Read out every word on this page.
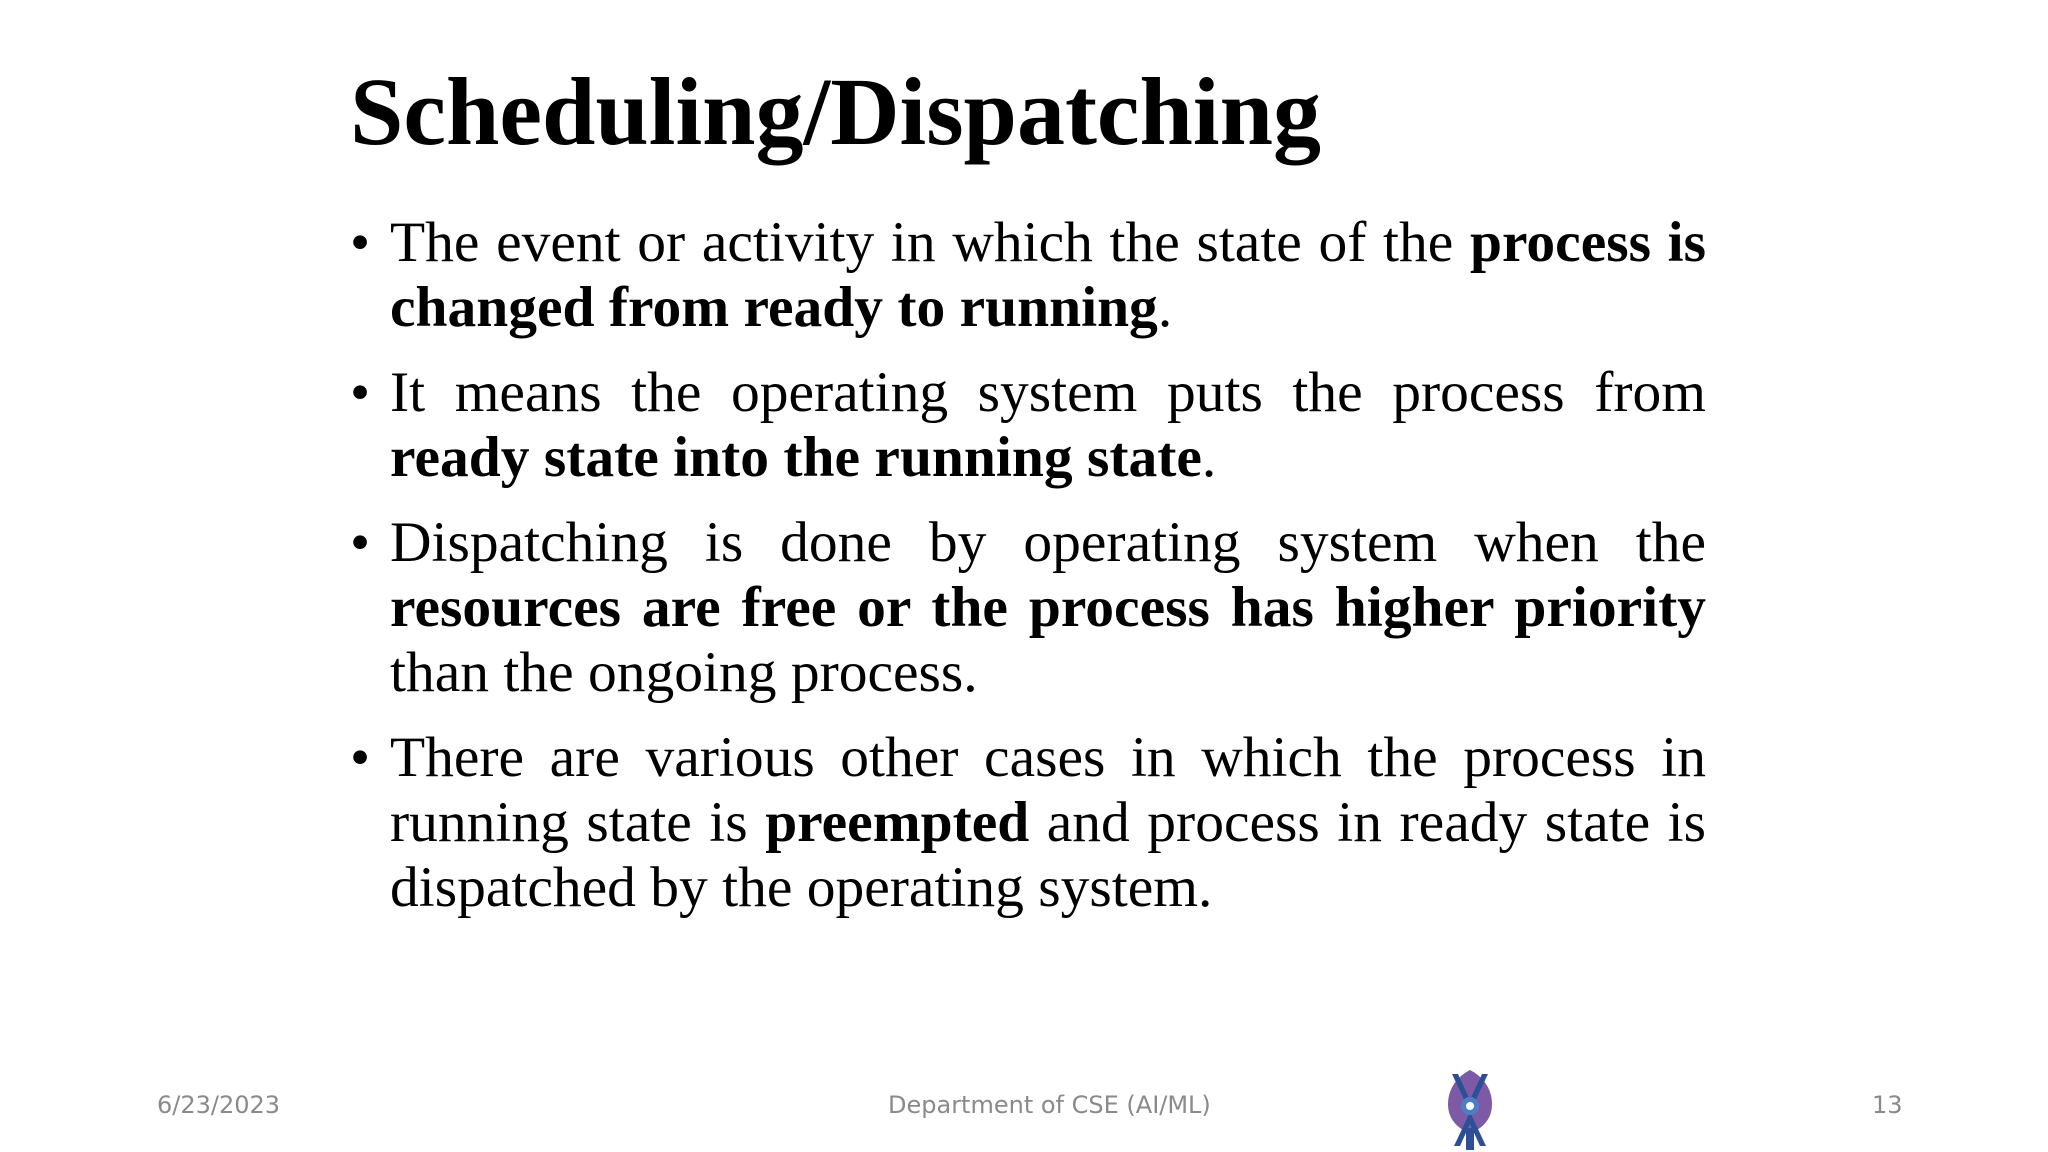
Scheduling/Dispatching
• The event or activity in which the state of the process is changed from ready to running.
• It means the operating system puts the process from ready state into the running state.
• Dispatching is done by operating system when the resources are free or the process has higher priority than the ongoing process.
• There are various other cases in which the process in running state is preempted and process in ready state is dispatched by the operating system.
6/23/2023	Department of CSE (AI/ML)	13
